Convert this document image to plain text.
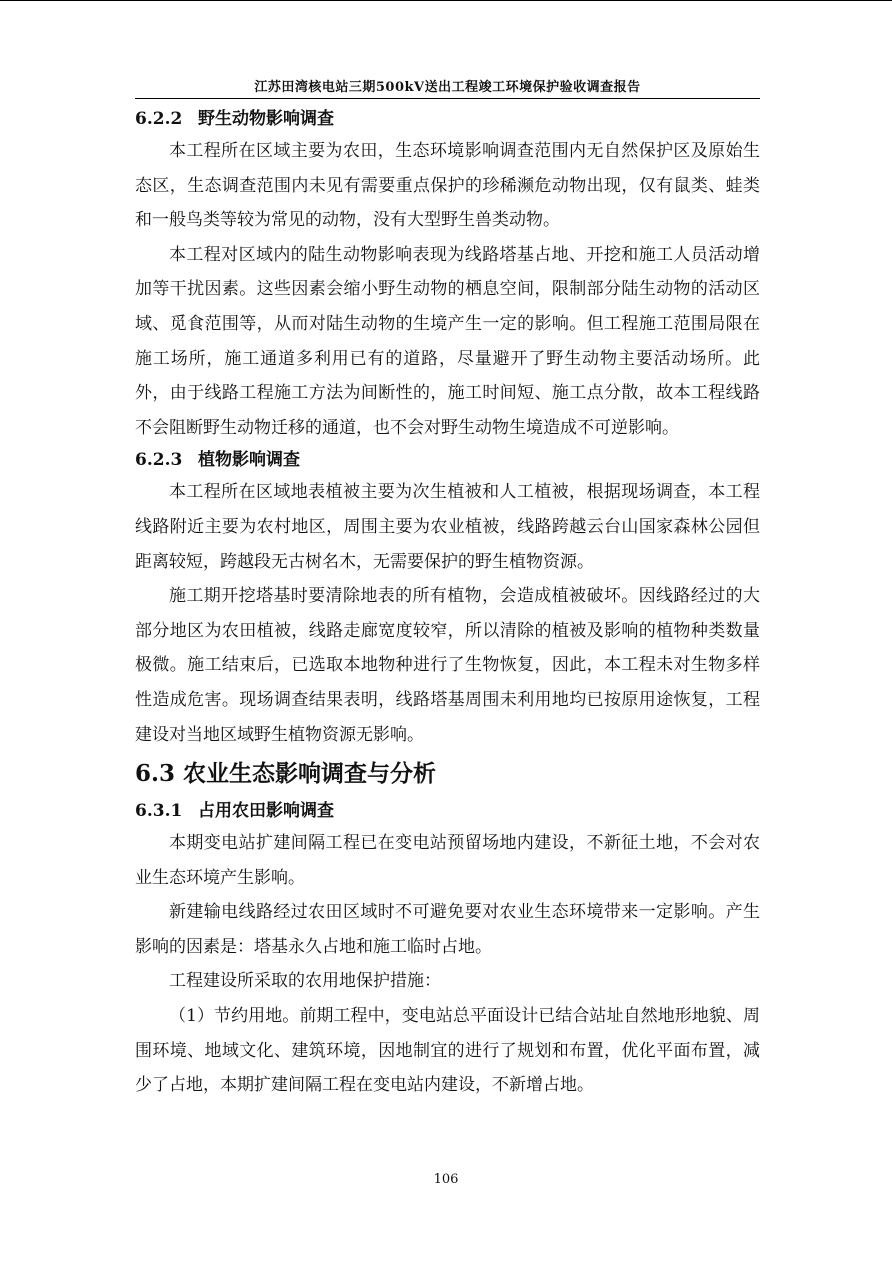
江苏田湾核电站三期500kV送出工程竣工环境保护验收调查报告
6.2.2 野生动物影响调查

本工程所在区域主要为农田，生态环境影响调查范围内无自然保护区及原始生态区，生态调查范围内未见有需要重点保护的珍稀濒危动物出现，仅有鼠类、蛙类和一般鸟类等较为常见的动物，没有大型野生兽类动物。

本工程对区域内的陆生动物影响表现为线路塔基占地、开挖和施工人员活动增加等干扰因素。这些因素会缩小野生动物的栖息空间，限制部分陆生动物的活动区域、觅食范围等，从而对陆生动物的生境产生一定的影响。但工程施工范围局限在施工场所，施工通道多利用已有的道路，尽量避开了野生动物主要活动场所。此外，由于线路工程施工方法为间断性的，施工时间短、施工点分散，故本工程线路不会阻断野生动物迁移的通道，也不会对野生动物生境造成不可逆影响。

6.2.3 植物影响调查

本工程所在区域地表植被主要为次生植被和人工植被，根据现场调查，本工程线路附近主要为农村地区，周围主要为农业植被，线路跨越云台山国家森林公园但距离较短，跨越段无古树名木，无需要保护的野生植物资源。

施工期开挖塔基时要清除地表的所有植物，会造成植被破坏。因线路经过的大部分地区为农田植被，线路走廊宽度较窄，所以清除的植被及影响的植物种类数量极微。施工结束后，已选取本地物种进行了生物恢复，因此，本工程未对生物多样性造成危害。现场调查结果表明，线路塔基周围未利用地均已按原用途恢复，工程建设对当地区域野生植物资源无影响。

6.3 农业生态影响调查与分析
6.3.1 占用农田影响调查

本期变电站扩建间隔工程已在变电站预留场地内建设，不新征土地，不会对农业生态环境产生影响。

新建输电线路经过农田区域时不可避免要对农业生态环境带来一定影响。产生影响的因素是：塔基永久占地和施工临时占地。

工程建设所采取的农用地保护措施：

（1）节约用地。前期工程中，变电站总平面设计已结合站址自然地形地貌、周围环境、地域文化、建筑环境，因地制宜的进行了规划和布置，优化平面布置，减少了占地，本期扩建间隔工程在变电站内建设，不新增占地。

106
